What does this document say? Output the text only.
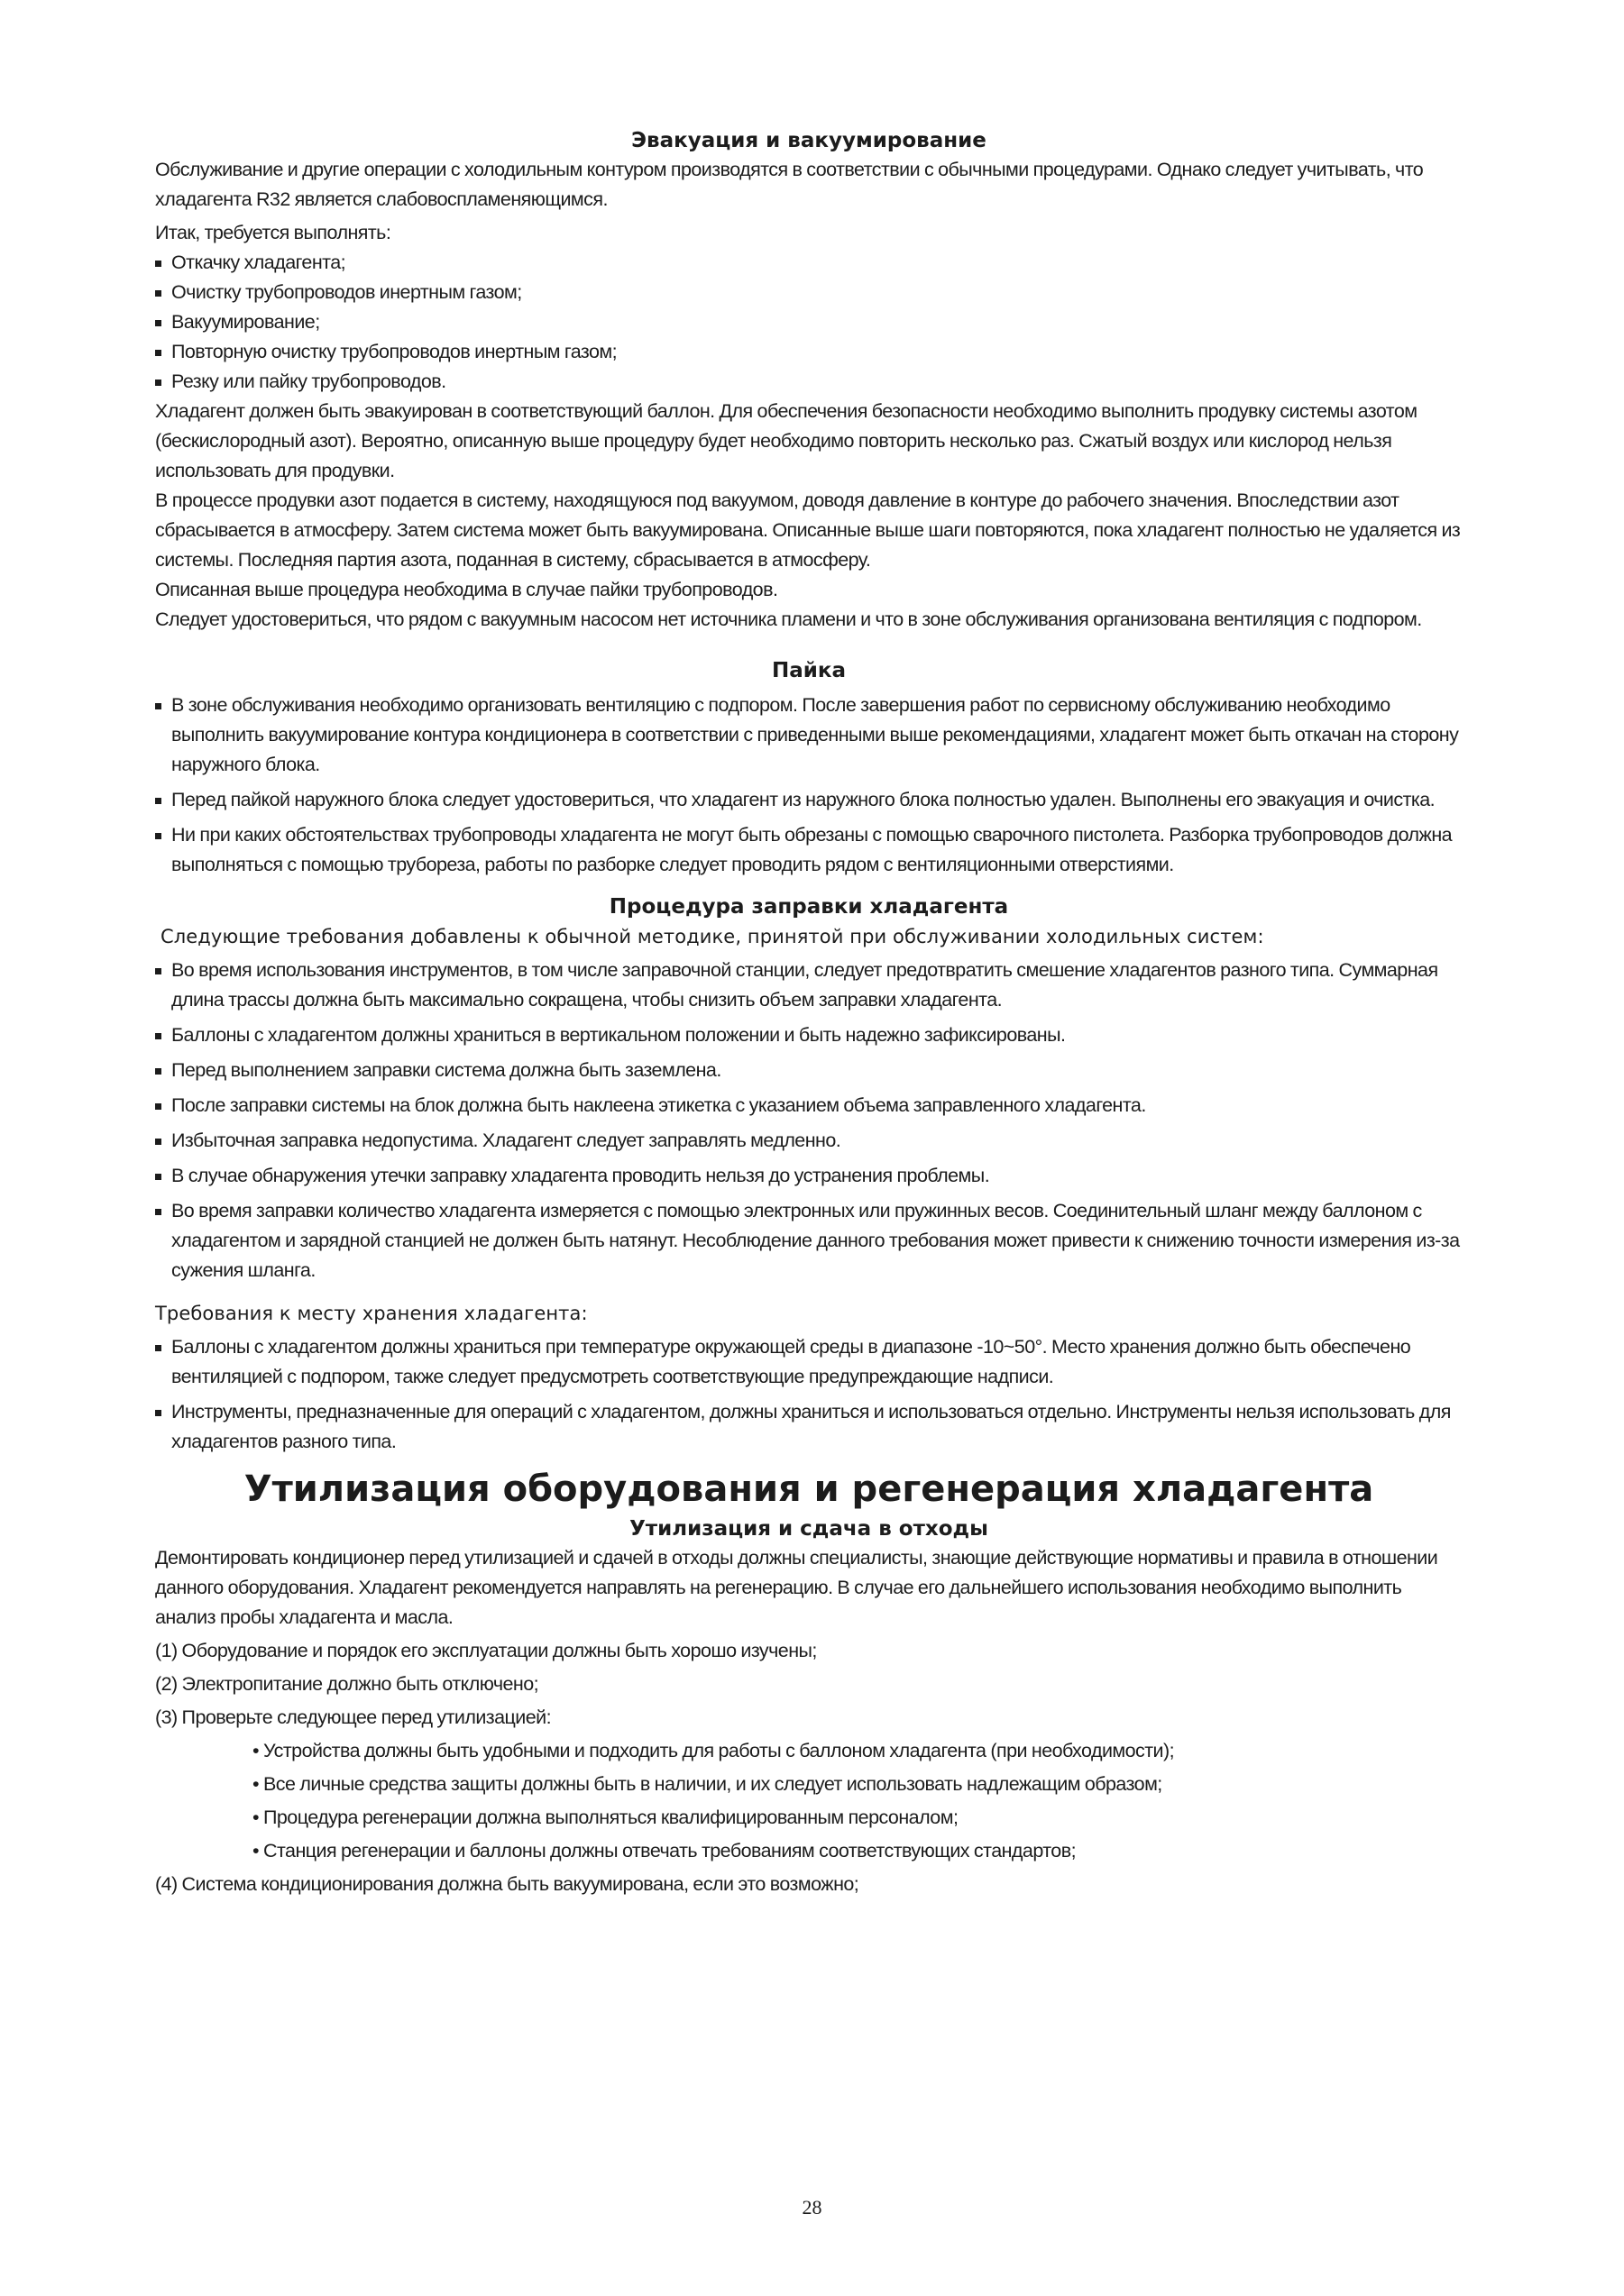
Эвакуация и вакуумирование

Обслуживание и другие операции с холодильным контуром производятся в соответствии с обычными процедурами. Однако следует учитывать, что хладагента R32 является слабовоспламеняющимся.

Итак, требуется выполнять:

Откачку хладагента;
Очистку трубопроводов инертным газом;
Вакуумирование;
Повторную очистку трубопроводов инертным газом;
Резку или пайку трубопроводов.

Хладагент должен быть эвакуирован в соответствующий баллон. Для обеспечения безопасности необходимо выполнить продувку системы азотом (бескислородный азот). Вероятно, описанную выше процедуру будет необходимо повторить несколько раз. Сжатый воздух или кислород нельзя использовать для продувки.

В процессе продувки азот подается в систему, находящуюся под вакуумом, доводя давление в контуре до рабочего значения. Впоследствии азот сбрасывается в атмосферу. Затем система может быть вакуумирована. Описанные выше шаги повторяются, пока хладагент полностью не удаляется из системы. Последняя партия азота, поданная в систему, сбрасывается в атмосферу.

Описанная выше процедура необходима в случае пайки трубопроводов.

Следует удостовериться, что рядом с вакуумным насосом нет источника пламени и что в зоне обслуживания организована вентиляция с подпором.

Пайка
В зоне обслуживания необходимо организовать вентиляцию с подпором. После завершения работ по сервисному обслуживанию необходимо выполнить вакуумирование контура кондиционера в соответствии с приведенными выше рекомендациями, хладагент может быть откачан на сторону наружного блока.
Перед пайкой наружного блока следует удостовериться, что хладагент из наружного блока полностью удален. Выполнены его эвакуация и очистка.
Ни при каких обстоятельствах трубопроводы хладагента не могут быть обрезаны с помощью сварочного пистолета. Разборка трубопроводов должна выполняться с помощью трубореза, работы по разборке следует проводить рядом с вентиляционными отверстиями.
Процедура заправки хладагента

Следующие требования добавлены к обычной методике, принятой при обслуживании холодильных систем:

Во время использования инструментов, в том числе заправочной станции, следует предотвратить смешение хладагентов разного типа. Суммарная длина трассы должна быть максимально сокращена, чтобы снизить объем заправки хладагента.
Баллоны с хладагентом должны храниться в вертикальном положении и быть надежно зафиксированы.
Перед выполнением заправки система должна быть заземлена.
После заправки системы на блок должна быть наклеена этикетка с указанием объема заправленного хладагента.
Избыточная заправка недопустима. Хладагент следует заправлять медленно.
В случае обнаружения утечки заправку хладагента проводить нельзя до устранения проблемы.
Во время заправки количество хладагента измеряется с помощью электронных или пружинных весов. Соединительный шланг между баллоном с хладагентом и зарядной станцией не должен быть натянут. Несоблюдение данного требования может привести к снижению точности измерения из-за сужения шланга.

Требования к месту хранения хладагента:

Баллоны с хладагентом должны храниться при температуре окружающей среды в диапазоне -10~50°. Место хранения должно быть обеспечено вентиляцией с подпором, также следует предусмотреть соответствующие предупреждающие надписи.
Инструменты, предназначенные для операций с хладагентом, должны храниться и использоваться отдельно. Инструменты нельзя использовать для хладагентов разного типа.
Утилизация оборудования и регенерация хладагента
Утилизация и сдача в отходы

Демонтировать кондиционер перед утилизацией и сдачей в отходы должны специалисты, знающие действующие нормативы и правила в отношении данного оборудования. Хладагент рекомендуется направлять на регенерацию. В случае его дальнейшего использования необходимо выполнить анализ пробы хладагента и масла.

(1) Оборудование и порядок его эксплуатации должны быть хорошо изучены;

(2) Электропитание должно быть отключено;

(3) Проверьте следующее перед утилизацией:

• Устройства должны быть удобными и подходить для работы с баллоном хладагента (при необходимости);
• Все личные средства защиты должны быть в наличии, и их следует использовать надлежащим образом;
• Процедура регенерации должна выполняться квалифицированным персоналом;
• Станция регенерации и баллоны должны отвечать требованиям соответствующих стандартов;

(4) Система кондиционирования должна быть вакуумирована, если это возможно;

28
